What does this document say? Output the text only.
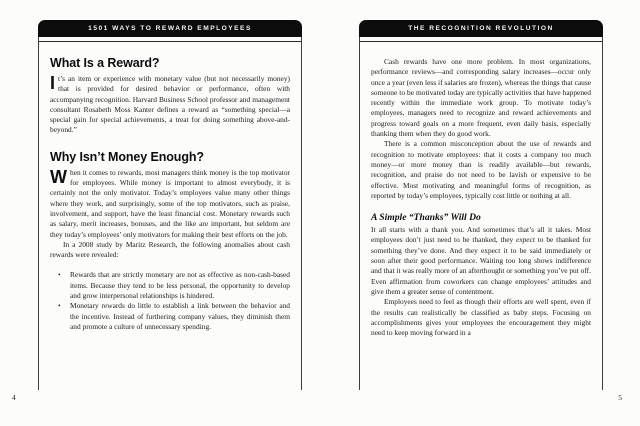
1501 WAYS TO REWARD EMPLOYEES
What Is a Reward?

It’s an item or experience with monetary value (but not necessarily money) that is provided for desired behavior or performance, often with accompanying recognition. Harvard Business School professor and management consultant Rosabeth Moss Kanter defines a reward as “something special—a special gain for special achievements, a treat for doing something above-and-beyond.”

Why Isn’t Money Enough?

When it comes to rewards, most managers think money is the top motivator for employees. While money is important to almost everybody, it is certainly not the only motivator. Today’s employees value many other things where they work, and surprisingly, some of the top motivators, such as praise, involvement, and support, have the least financial cost. Monetary rewards such as salary, merit increases, bonuses, and the like are important, but seldom are they today’s employees’ only motivators for making their best efforts on the job.

In a 2008 study by Maritz Research, the following anomalies about cash rewards were revealed:

•	Rewards that are strictly monetary are not as effective as non-cash-based items. Because they tend to be less personal, the opportunity to develop and grow interpersonal relationships is hindered.
•	Monetary rewards do little to establish a link between the behavior and the incentive. Instead of furthering company values, they diminish them and promote a culture of unnecessary spending.
4
THE RECOGNITION REVOLUTION

Cash rewards have one more problem. In most organizations, performance reviews—and corresponding salary increases—occur only once a year (even less if salaries are frozen), whereas the things that cause someone to be motivated today are typically activities that have happened recently within the immediate work group. To motivate today’s employees, managers need to recognize and reward achievements and progress toward goals on a more frequent, even daily basis, especially thanking them when they do good work.

There is a common misconception about the use of rewards and recognition to motivate employees: that it costs a company too much money—or more money than is readily available—but rewards, recognition, and praise do not need to be lavish or expensive to be effective. Most motivating and meaningful forms of recognition, as reported by today’s employees, typically cost little or nothing at all.

A Simple “Thanks” Will Do

It all starts with a thank you. And sometimes that’s all it takes. Most employees don’t just need to be thanked, they expect to be thanked for something they’ve done. And they expect it to be said immediately or soon after their good performance. Waiting too long shows indifference and that it was really more of an afterthought or something you’ve put off. Even affirmation from coworkers can change employees’ attitudes and give them a greater sense of contentment.

Employees need to feel as though their efforts are well spent, even if the results can realistically be classified as baby steps. Focusing on accomplishments gives your employees the encouragement they might need to keep moving forward in a

5
